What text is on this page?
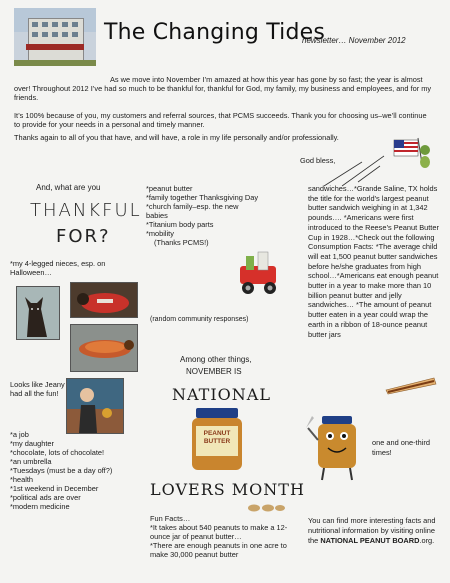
The Changing Tides
newsletter… November 2012
As we move into November I’m amazed at how this year has gone by so fast; the year is almost over! Throughout 2012 I’ve had so much to be thankful for, thankful for God, my family, my business and employees, and for my friends.
It’s 100% because of you, my customers and referral sources, that PCMS succeeds. Thank you for choosing us–we’ll continue to provide for your needs in a personal and timely manner.
Thanks again to all of you that have, and will have, a role in my life personally and/or professionally.
God bless,
And, what are you
THANKFUL
FOR?
*my 4-legged nieces, esp. on Halloween…
Looks like Jeany had all the fun!
*a job
*my daughter
*chocolate, lots of chocolate!
*an umbrella
*Tuesdays (must be a day off?)
*health
*1st weekend in December
*political ads are over
*modern medicine
*peanut butter
*family together Thanksgiving Day
*church family–esp. the new babies
*Titanium body parts
*mobility
(Thanks PCMS!)
(random community responses)
Among other things,
NOVEMBER IS
NATIONAL
PEANUT BUTTER
LOVERS MONTH
Fun Facts…
*It takes about 540 peanuts to make a 12-ounce jar of peanut butter…
*There are enough peanuts in one acre to make 30,000 peanut butter
sandwiches…*Grande Saline, TX holds the title for the world’s largest peanut butter sandwich weighing in at 1,342 pounds…. *Americans were first introduced to the Reese’s Peanut Butter Cup in 1928…*Check out the following Consumption Facts: *The average child will eat 1,500 peanut butter sandwiches before he/she graduates from high school…*Americans eat enough peanut butter in a year to make more than 10 billion peanut butter and jelly sandwiches… *The amount of peanut butter eaten in a year could wrap the earth in a ribbon of 18-ounce peanut butter jars
one and one-third times!
You can find more interesting facts and nutritional information by visiting online the NATIONAL PEANUT BOARD.org.
